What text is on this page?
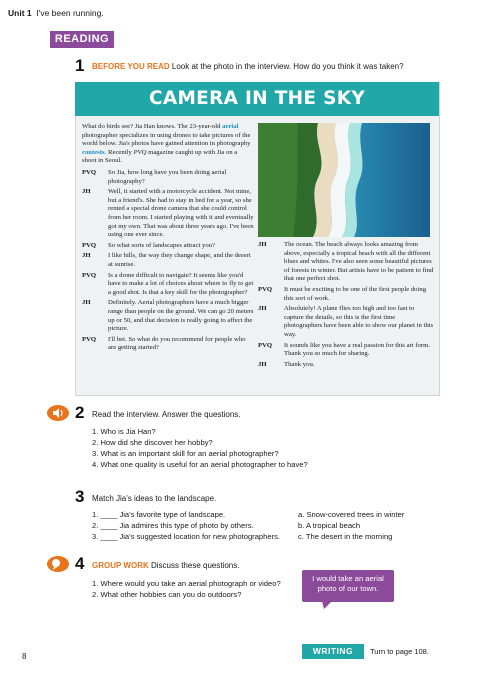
Unit 1 I've been running.
READING
1 BEFORE YOU READ Look at the photo in the interview. How do you think it was taken?
CAMERA IN THE SKY
What do birds see? Jia Han knows. The 23-year-old aerial photographer specializes in using drones to take pictures of the world below. Jia's photos have gained attention in photography contests. Recently PVQ magazine caught up with Jia on a shoot in Seoul.
PVQ	So Jia, how long have you been doing aerial photography?
JH	Well, it started with a motorcycle accident. Not mine, but a friend's. She had to stay in bed for a year, so she rented a special drone camera that she could control from her room. I started playing with it and eventually got my own. That was about three years ago. I've been using one ever since.
PVQ	So what sorts of landscapes attract you?
JH	I like hills, the way they change shape, and the desert at sunrise.
PVQ	Is a drone difficult to navigate? It seems like you'd have to make a lot of choices about where to fly to get a good shot. Is that a key skill for the photographer?
JH	Definitely. Aerial photographers have a much bigger range than people on the ground. We can go 20 meters up or 50, and that decision is really going to affect the picture.
PVQ	I'll bet. So what do you recommend for people who are getting started?
JH	The ocean. The beach always looks amazing from above, especially a tropical beach with all the different blues and whites. I've also seen some beautiful pictures of forests in winter. But artists have to be patient to find that one perfect shot.
PVQ	It must be exciting to be one of the first people doing this sort of work.
JH	Absolutely! A plane flies too high and too fast to capture the details, so this is the first time photographers have been able to show our planet in this way.
PVQ	It sounds like you have a real passion for this art form. Thank you so much for sharing.
JH	Thank you.
2 Read the interview. Answer the questions.
1. Who is Jia Han?
2. How did she discover her hobby?
3. What is an important skill for an aerial photographer?
4. What one quality is useful for an aerial photographer to have?
3 Match Jia's ideas to the landscape.
1. ____ Jia's favorite type of landscape.
2. ____ Jia admires this type of photo by others.
3. ____ Jia's suggested location for new photographers.
a. Snow-covered trees in winter
b. A tropical beach
c. The desert in the morning
4 GROUP WORK Discuss these questions.
1. Where would you take an aerial photograph or video?
2. What other hobbies can you do outdoors?
I would take an aerial photo of our town.
8
WRITING	Turn to page 108.
